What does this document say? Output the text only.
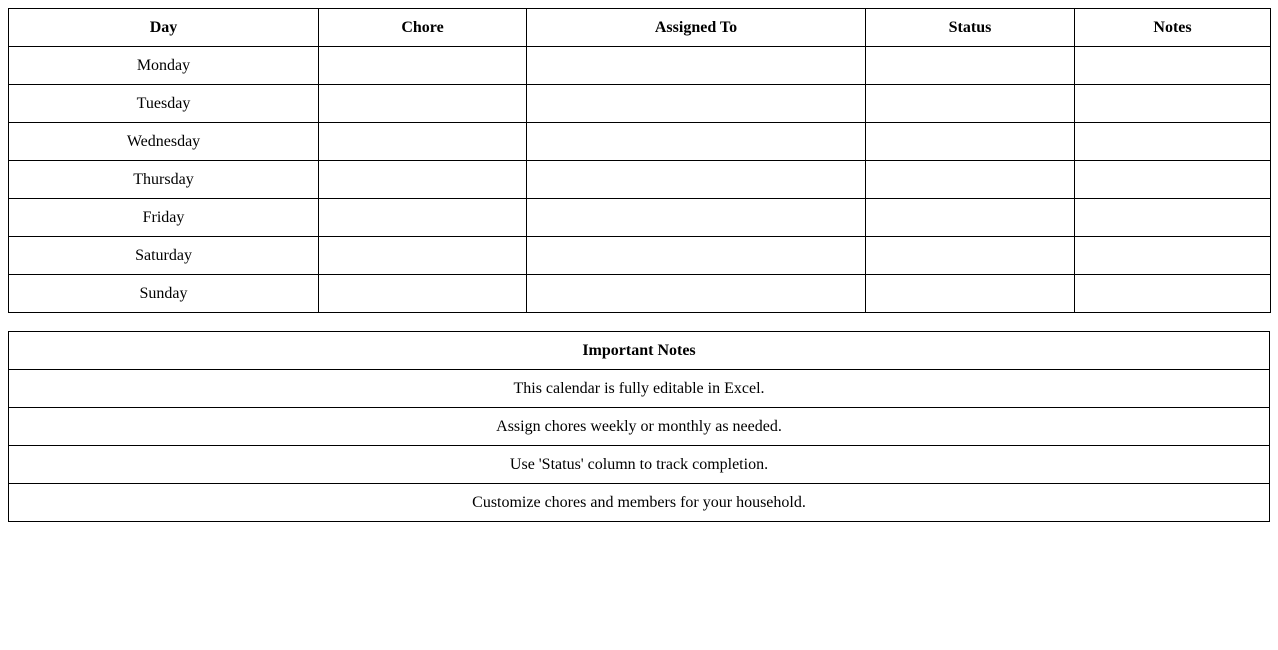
Day	Chore	Assigned To	Status	Notes
Monday				
Tuesday				
Wednesday				
Thursday				
Friday				
Saturday				
Sunday				
Important Notes
This calendar is fully editable in Excel.
Assign chores weekly or monthly as needed.
Use 'Status' column to track completion.
Customize chores and members for your household.
